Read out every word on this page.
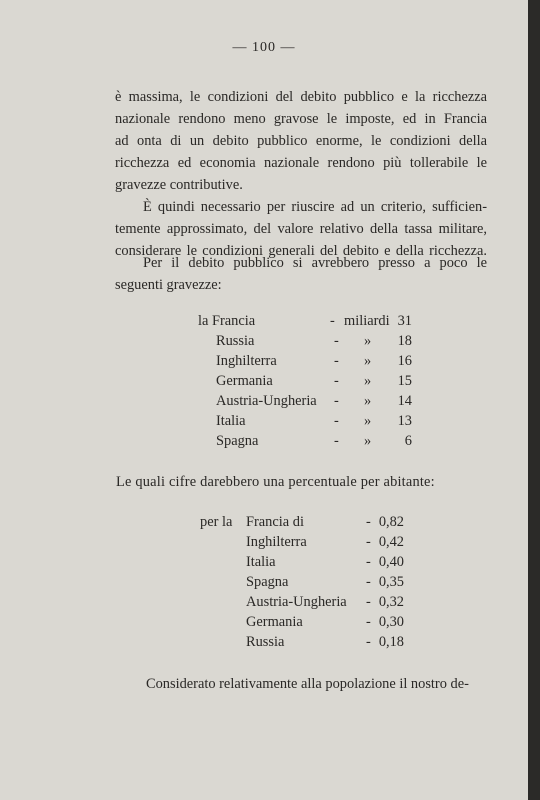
— 100 —

è massima, le condizioni del debito pubblico e la ricchezza
nazionale rendono meno gravose le imposte, ed in Francia
ad onta di un debito pubblico enorme, le condizioni della
ricchezza ed economia nazionale rendono più tollerabile le
gravezze contributive.

È quindi necessario per riuscire ad un criterio, sufficien-
temente approssimato, del valore relativo della tassa militare,
considerare le condizioni generali del debito e della ricchezza.

Per il debito pubblico si avrebbero presso a poco le
seguenti gravezze:

la Francia	- miliardi 31
Russia	- »	18
Inghilterra	- »	16
Germania	- »	15
Austria-Ungheria - »	14
Italia	- »	13
Spagna	- »	6
Le quali cifre darebbero una percentuale per abitante:
per la Francia di	- 0,82
Inghilterra	- 0,42
Italia	- 0,40
Spagna	- 0,35
Austria-Ungheria - 0,32
Germania	- 0,30
Russia	- 0,18
Considerato relativamente alla popolazione il nostro de-
